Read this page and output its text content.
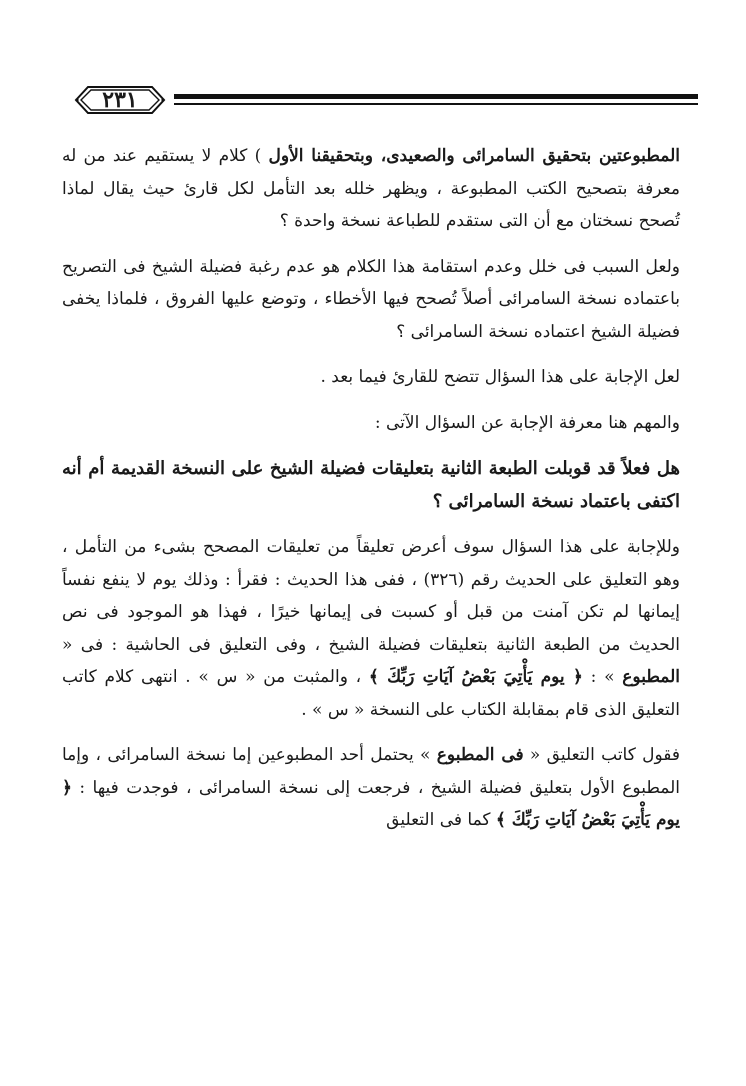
٢٣١

المطبوعتين بتحقيق السامرائى والصعيدى، وبتحقيقنا الأول ) كلام لا يستقيم عند من له معرفة بتصحيح الكتب المطبوعة ، ويظهر خلله بعد التأمل لكل قارئ حيث يقال لماذا تُصحح نسختان مع أن التى ستقدم للطباعة نسخة واحدة ؟

ولعل السبب فى خلل وعدم استقامة هذا الكلام هو عدم رغبة فضيلة الشيخ فى التصريح باعتماده نسخة السامرائى أصلاً تُصحح فيها الأخطاء ، وتوضع عليها الفروق ، فلماذا يخفى فضيلة الشيخ اعتماده نسخة السامرائى ؟

لعل الإجابة على هذا السؤال تتضح للقارئ فيما بعد .

والمهم هنا معرفة الإجابة عن السؤال الآتى :

هل فعلاً قد قوبلت الطبعة الثانية بتعليقات فضيلة الشيخ على النسخة القديمة أم أنه اكتفى باعتماد نسخة السامرائى ؟

وللإجابة على هذا السؤال سوف أعرض تعليقاً من تعليقات المصحح بشىء من التأمل ، وهو التعليق على الحديث رقم (٣٢٦) ، ففى هذا الحديث : فقرأ : وذلك يوم لا ينفع نفساً إيمانها لم تكن آمنت من قبل أو كسبت فى إيمانها خيرًا ، فهذا هو الموجود فى نص الحديث من الطبعة الثانية بتعليقات فضيلة الشيخ ، وفى التعليق فى الحاشية : فى « المطبوع » : ﴿ يوم يَأْتِيَ بَعْضُ آيَاتِ رَبِّكَ ﴾ ، والمثبت من « س » . انتهى كلام كاتب التعليق الذى قام بمقابلة الكتاب على النسخة « س » .

فقول كاتب التعليق « فى المطبوع » يحتمل أحد المطبوعين إما نسخة السامرائى ، وإما المطبوع الأول بتعليق فضيلة الشيخ ، فرجعت إلى نسخة السامرائى ، فوجدت فيها : ﴿ يوم يَأْتِيَ بَعْضُ آيَاتِ رَبِّكَ ﴾ كما فى التعليق
